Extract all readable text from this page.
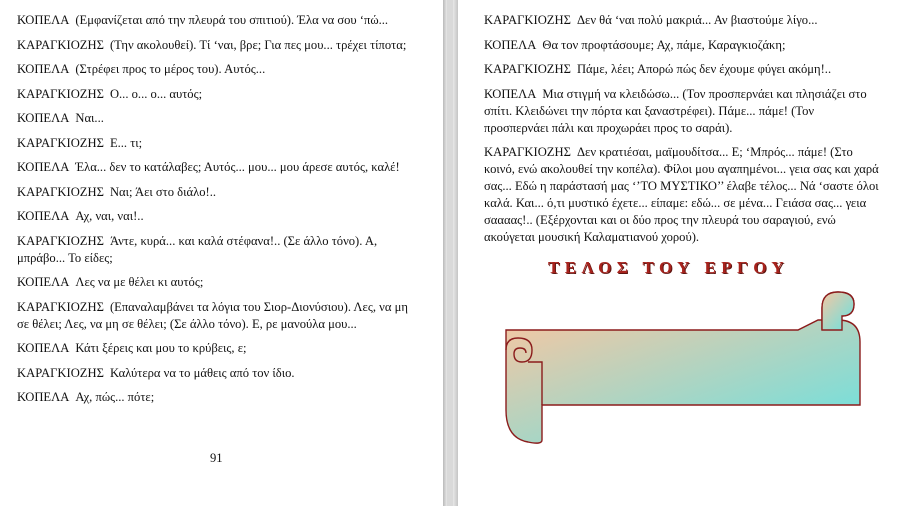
ΚΟΠΕΛΑ (Εμφανίζεται από την πλευρά του σπιτιού). Έλα να σου ‘πώ...

ΚΑΡΑΓΚΙΟΖΗΣ (Την ακολουθεί). Τί ‘ναι, βρε; Για πες μου... τρέχει τίποτα;

ΚΟΠΕΛΑ (Στρέφει προς το μέρος του). Αυτός...

ΚΑΡΑΓΚΙΟΖΗΣ Ο... ο... ο... αυτός;

ΚΟΠΕΛΑ Ναι...

ΚΑΡΑΓΚΙΟΖΗΣ Ε... τι;

ΚΟΠΕΛΑ Έλα... δεν το κατάλαβες; Αυτός... μου... μου άρεσε αυτός, καλέ!

ΚΑΡΑΓΚΙΟΖΗΣ Ναι; Άει στο διάλο!..

ΚΟΠΕΛΑ Αχ, ναι, ναι!..

ΚΑΡΑΓΚΙΟΖΗΣ Άντε, κυρά... και καλά στέφανα!.. (Σε άλλο τόνο). Α, μπράβο... Το είδες;

ΚΟΠΕΛΑ Λες να με θέλει κι αυτός;

ΚΑΡΑΓΚΙΟΖΗΣ (Επαναλαμβάνει τα λόγια του Σιορ-Διονύσιου). Λες, να μη σε θέλει; Λες, να μη σε θέλει; (Σε άλλο τόνο). Ε, ρε μανούλα μου...

ΚΟΠΕΛΑ Κάτι ξέρεις και μου το κρύβεις, ε;

ΚΑΡΑΓΚΙΟΖΗΣ Καλύτερα να το μάθεις από τον ίδιο.

ΚΟΠΕΛΑ Αχ, πώς... πότε;

91

ΚΑΡΑΓΚΙΟΖΗΣ Δεν θά ‘ναι πολύ μακριά... Αν βιαστούμε λίγο...

ΚΟΠΕΛΑ Θα τον προφτάσουμε; Αχ, πάμε, Καραγκιοζάκη;

ΚΑΡΑΓΚΙΟΖΗΣ Πάμε, λέει; Απορώ πώς δεν έχουμε φύγει ακόμη!..

ΚΟΠΕΛΑ Μια στιγμή να κλειδώσω... (Τον προσπερνάει και πλησιάζει στο σπίτι. Κλειδώνει την πόρτα και ξαναστρέφει). Πάμε... πάμε! (Τον προσπερνάει πάλι και προχωράει προς το σαράι).

ΚΑΡΑΓΚΙΟΖΗΣ Δεν κρατιέσαι, μαϊμουδίτσα... Ε; ‘Μπρός... πάμε! (Στο κοινό, ενώ ακολουθεί την κοπέλα). Φίλοι μου αγαπημένοι... γεια σας και χαρά σας... Εδώ η παράστασή μας ‘’ΤΟ ΜΥΣΤΙΚΟ’’ έλαβε τέλος... Νά ‘σαστε όλοι καλά. Και... ό,τι μυστικό έχετε... είπαμε: εδώ... σε μένα... Γειάσα σας... γεια σαααας!.. (Εξέρχονται και οι δύο προς την πλευρά του σαραγιού, ενώ ακούγεται μουσική Καλαματιανού χορού).

ΤΕΛΟΣ ΤΟΥ ΕΡΓΟΥ
